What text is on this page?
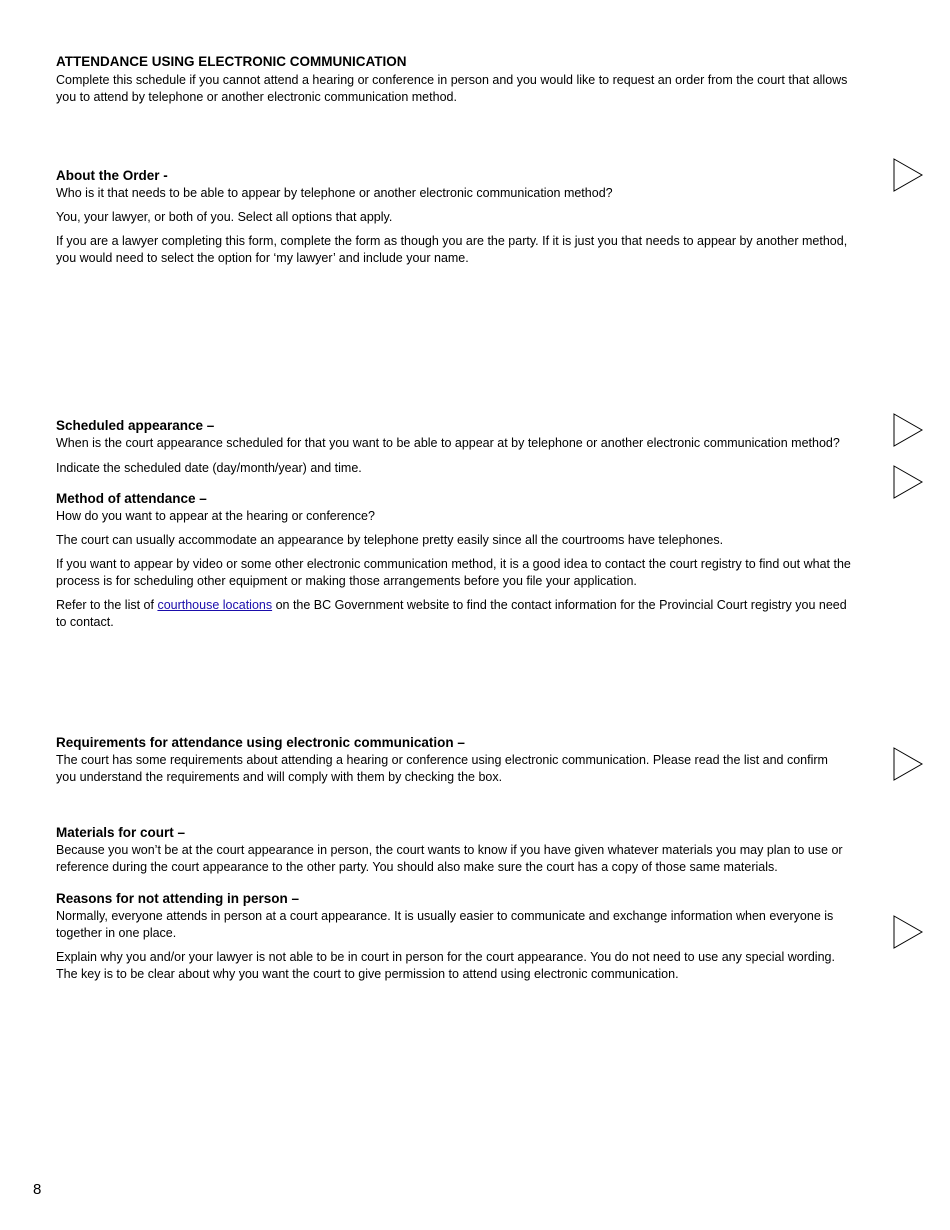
ATTENDANCE USING ELECTRONIC COMMUNICATION

Complete this schedule if you cannot attend a hearing or conference in person and you would like to request an order from the court that allows you to attend by telephone or another electronic communication method.

About the Order -

Who is it that needs to be able to appear by telephone or another electronic communication method?

You, your lawyer, or both of you. Select all options that apply.

If you are a lawyer completing this form, complete the form as though you are the party. If it is just you that needs to appear by another method, you would need to select the option for ‘my lawyer’ and include your name.

Scheduled appearance –

When is the court appearance scheduled for that you want to be able to appear at by telephone or another electronic communication method?

Indicate the scheduled date (day/month/year) and time.

Method of attendance –

How do you want to appear at the hearing or conference?

The court can usually accommodate an appearance by telephone pretty easily since all the courtrooms have telephones.

If you want to appear by video or some other electronic communication method, it is a good idea to contact the court registry to find out what the process is for scheduling other equipment or making those arrangements before you file your application.

Refer to the list of courthouse locations on the BC Government website to find the contact information for the Provincial Court registry you need to contact.

Requirements for attendance using electronic communication –

The court has some requirements about attending a hearing or conference using electronic communication. Please read the list and confirm you understand the requirements and will comply with them by checking the box.

Materials for court –

Because you won’t be at the court appearance in person, the court wants to know if you have given whatever materials you may plan to use or reference during the court appearance to the other party. You should also make sure the court has a copy of those same materials.

Reasons for not attending in person –

Normally, everyone attends in person at a court appearance. It is usually easier to communicate and exchange information when everyone is together in one place.

Explain why you and/or your lawyer is not able to be in court in person for the court appearance. You do not need to use any special wording. The key is to be clear about why you want the court to give permission to attend using electronic communication.

8
